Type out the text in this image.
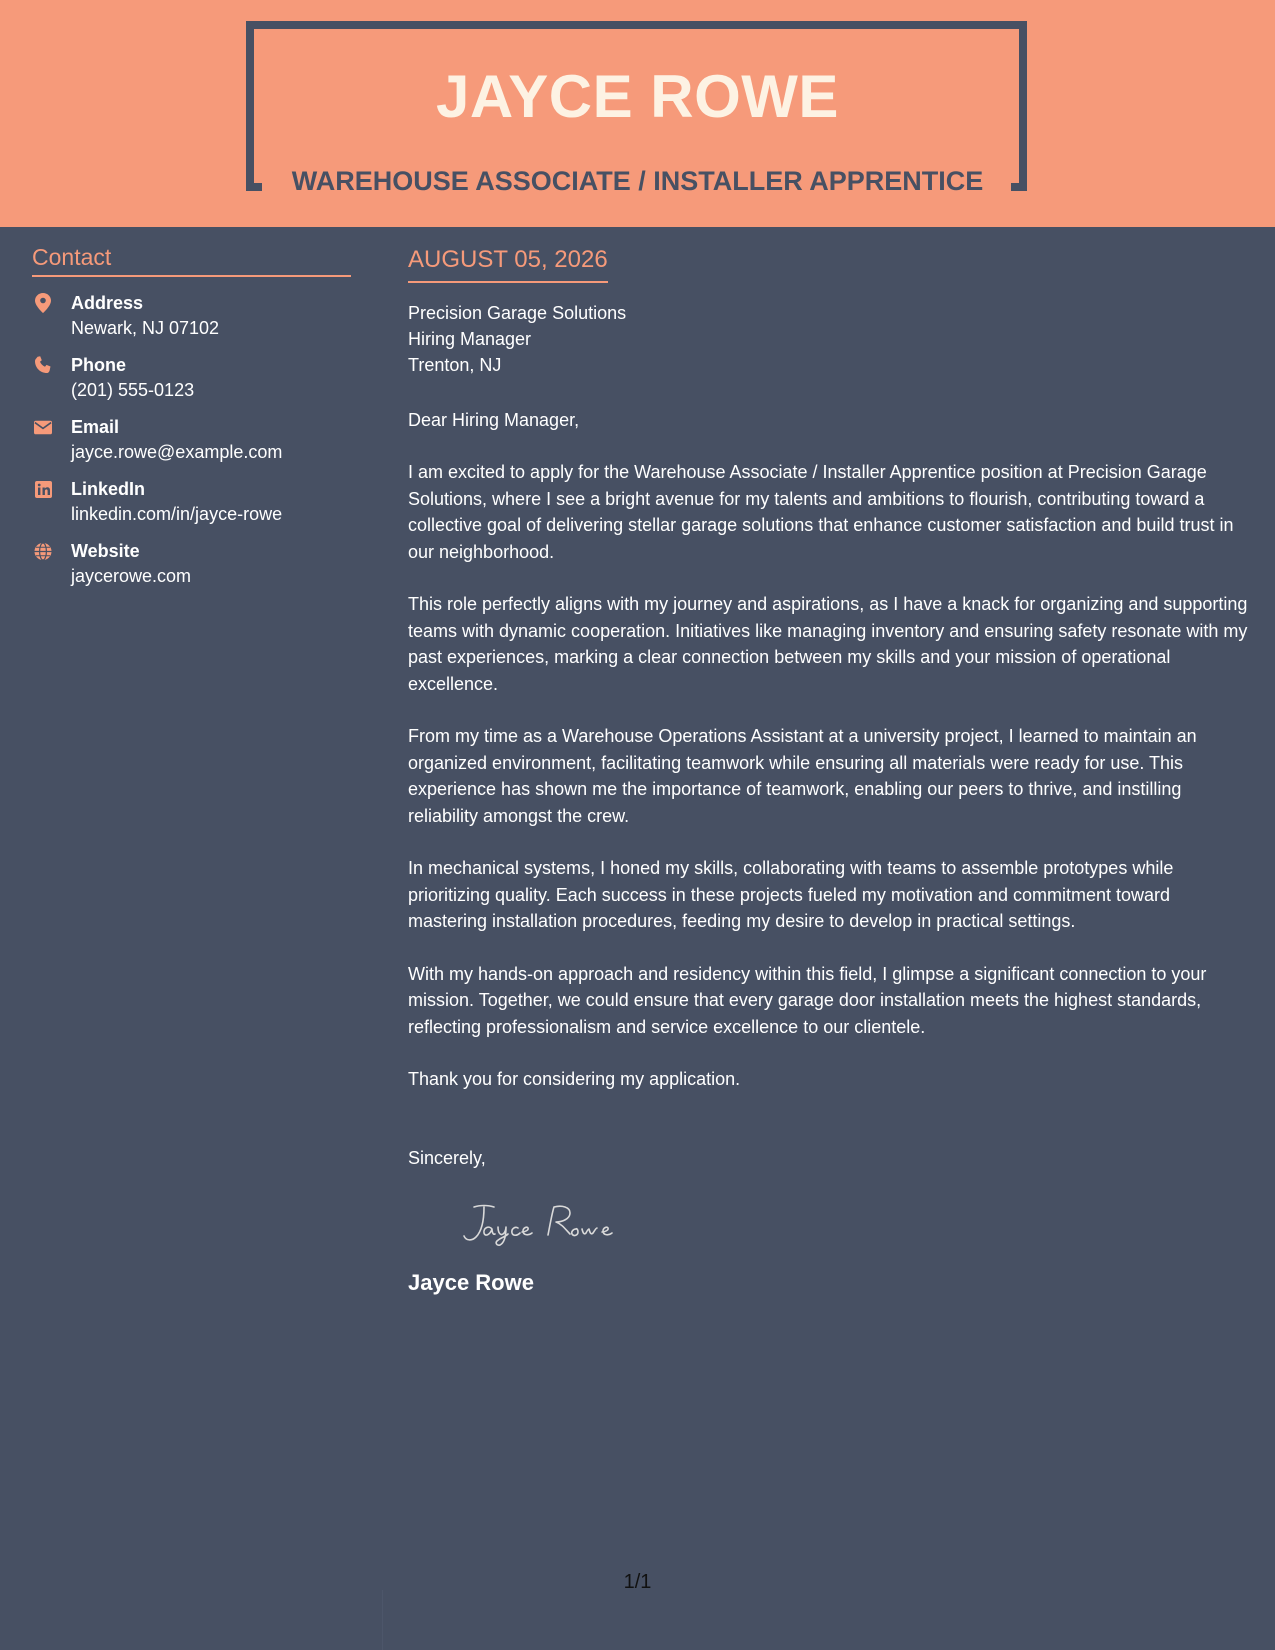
JAYCE ROWE
WAREHOUSE ASSOCIATE / INSTALLER APPRENTICE
Contact
Address
Newark, NJ 07102
Phone
(201) 555-0123
Email
jayce.rowe@example.com
LinkedIn
linkedin.com/in/jayce-rowe
Website
jaycerowe.com
AUGUST 05, 2026
Precision Garage Solutions
Hiring Manager
Trenton, NJ
Dear Hiring Manager,
I am excited to apply for the Warehouse Associate / Installer Apprentice position at Precision Garage Solutions, where I see a bright avenue for my talents and ambitions to flourish, contributing toward a collective goal of delivering stellar garage solutions that enhance customer satisfaction and build trust in our neighborhood.
This role perfectly aligns with my journey and aspirations, as I have a knack for organizing and supporting teams with dynamic cooperation. Initiatives like managing inventory and ensuring safety resonate with my past experiences, marking a clear connection between my skills and your mission of operational excellence.
From my time as a Warehouse Operations Assistant at a university project, I learned to maintain an organized environment, facilitating teamwork while ensuring all materials were ready for use. This experience has shown me the importance of teamwork, enabling our peers to thrive, and instilling reliability amongst the crew.
In mechanical systems, I honed my skills, collaborating with teams to assemble prototypes while prioritizing quality. Each success in these projects fueled my motivation and commitment toward mastering installation procedures, feeding my desire to develop in practical settings.
With my hands-on approach and residency within this field, I glimpse a significant connection to your mission. Together, we could ensure that every garage door installation meets the highest standards, reflecting professionalism and service excellence to our clientele.
Thank you for considering my application.
Sincerely,
Jayce Rowe
1/1
